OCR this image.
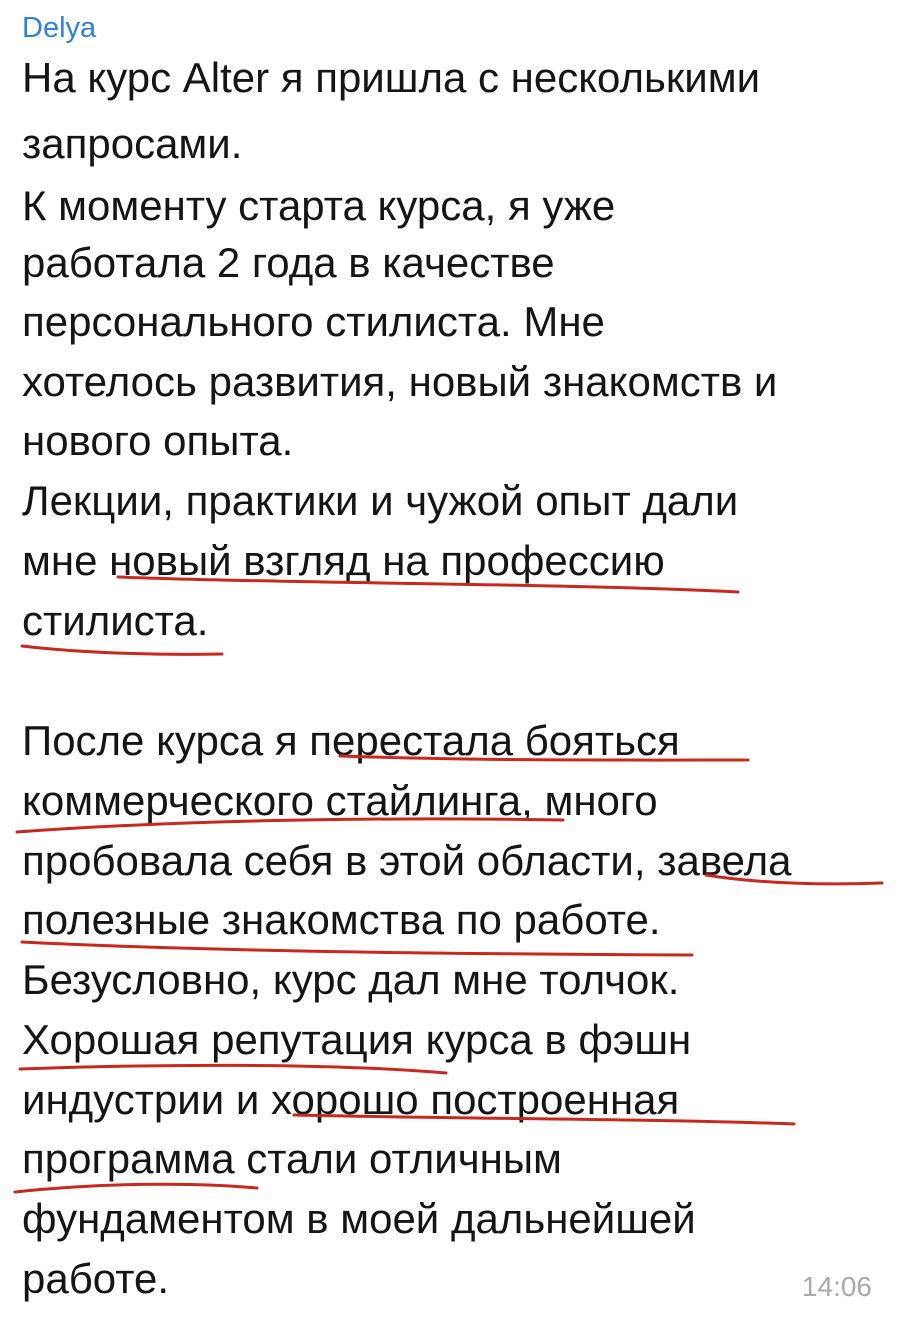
Delya
На курс Alter я пришла с несколькими
запросами.
К моменту старта курса, я уже
работала 2 года в качестве
персонального стилиста. Мне
хотелось развития, новый знакомств и
нового опыта.
Лекции, практики и чужой опыт дали
мне новый взгляд на профессию
стилиста.
После курса я перестала бояться
коммерческого стайлинга, много
пробовала себя в этой области, завела
полезные знакомства по работе.
Безусловно, курс дал мне толчок.
Хорошая репутация курса в фэшн
индустрии и хорошо построенная
программа стали отличным
фундаментом в моей дальнейшей
работе.	14:06
